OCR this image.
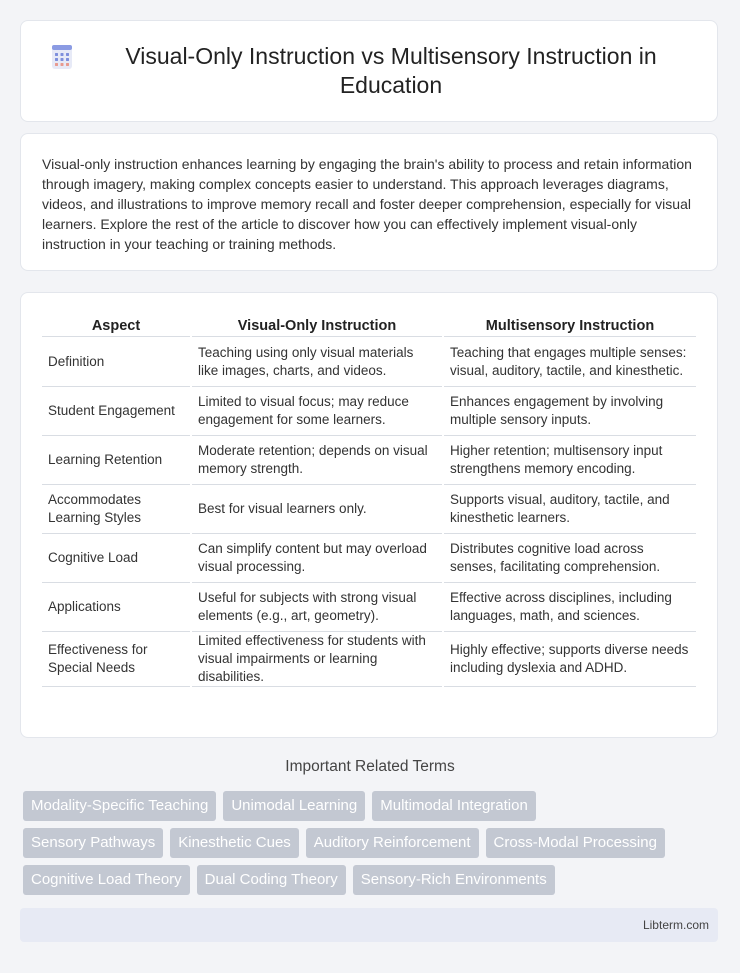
Visual-Only Instruction vs Multisensory Instruction in Education

Visual-only instruction enhances learning by engaging the brain's ability to process and retain information through imagery, making complex concepts easier to understand. This approach leverages diagrams, videos, and illustrations to improve memory recall and foster deeper comprehension, especially for visual learners. Explore the rest of the article to discover how you can effectively implement visual-only instruction in your teaching or training methods.

Aspect	Visual-Only Instruction	Multisensory Instruction
Definition	Teaching using only visual materials like images, charts, and videos.	Teaching that engages multiple senses: visual, auditory, tactile, and kinesthetic.
Student Engagement	Limited to visual focus; may reduce engagement for some learners.	Enhances engagement by involving multiple sensory inputs.
Learning Retention	Moderate retention; depends on visual memory strength.	Higher retention; multisensory input strengthens memory encoding.
Accommodates Learning Styles	Best for visual learners only.	Supports visual, auditory, tactile, and kinesthetic learners.
Cognitive Load	Can simplify content but may overload visual processing.	Distributes cognitive load across senses, facilitating comprehension.
Applications	Useful for subjects with strong visual elements (e.g., art, geometry).	Effective across disciplines, including languages, math, and sciences.
Effectiveness for Special Needs	Limited effectiveness for students with visual impairments or learning disabilities.	Highly effective; supports diverse needs including dyslexia and ADHD.
Important Related Terms
Modality-Specific Teaching	Unimodal Learning	Multimodal Integration
Sensory Pathways	Kinesthetic Cues	Auditory Reinforcement	Cross-Modal Processing
Cognitive Load Theory	Dual Coding Theory	Sensory-Rich Environments
Libterm.com
